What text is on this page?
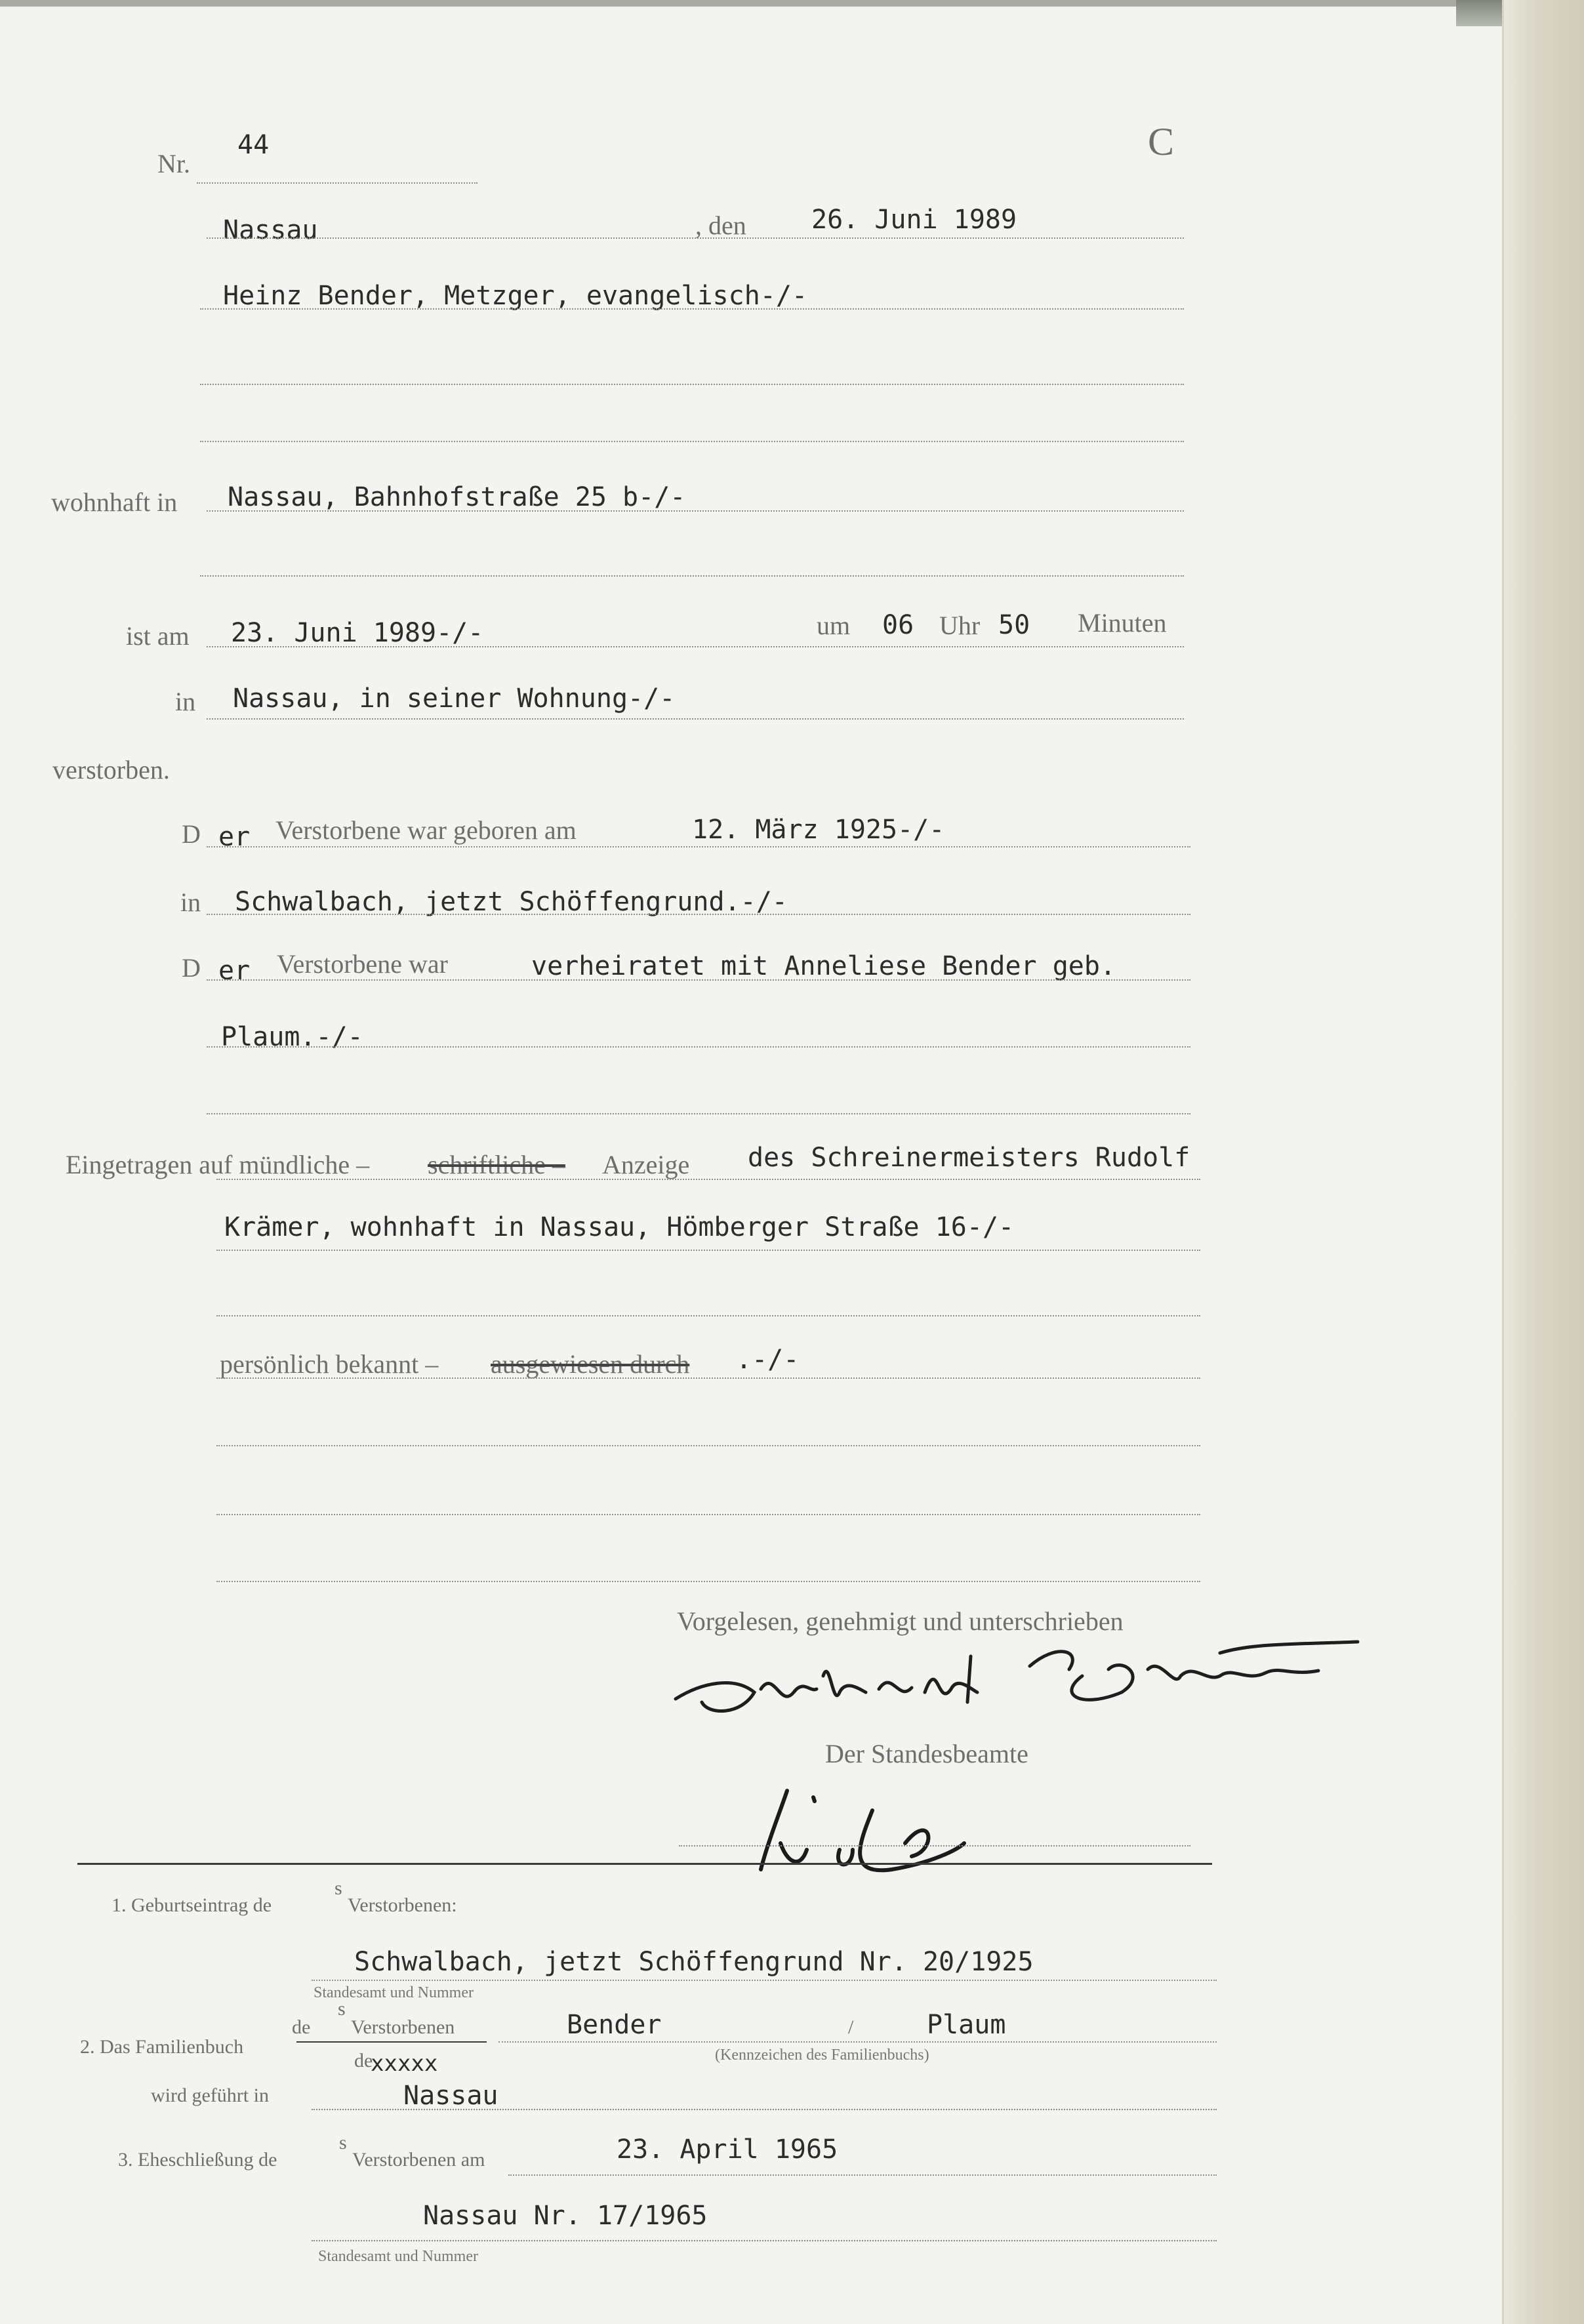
Nr.
44	C
Nassau	, den 26. Juni 1989
Heinz Bender, Metzger, evangelisch-/-
wohnhaft in Nassau, Bahnhofstraße 25 b-/-
ist am 23. Juni 1989-/-	um 06 Uhr 50 Minuten
in Nassau, in seiner Wohnung-/-
verstorben.
D er Verstorbene war geboren am	12. März 1925-/-
in Schwalbach, jetzt Schöffengrund.-/-
D er Verstorbene war	verheiratet mit Anneliese Bender geb.
Plaum.-/-
Eingetragen auf mündliche – schriftliche – Anzeige des Schreinermeisters Rudolf
Krämer, wohnhaft in Nassau, Hömberger Straße 16-/-
persönlich bekannt – ausgewiesen durch .-/-
Vorgelesen, genehmigt und unterschrieben
Der Standesbeamte
1. Geburtseintrag de
s
Verstorbenen:
Schwalbach, jetzt Schöffengrund Nr. 20/1925
Standesamt und Nummer
de
s
Verstorbenen	Bender	/	Plaum
2. Das Familienbuch
de
xxxxx	(Kennzeichen des Familienbuchs)
wird geführt in	Nassau
3. Eheschließung de
s
Verstorbenen am	23. April 1965
Nassau Nr. 17/1965
Standesamt und Nummer
